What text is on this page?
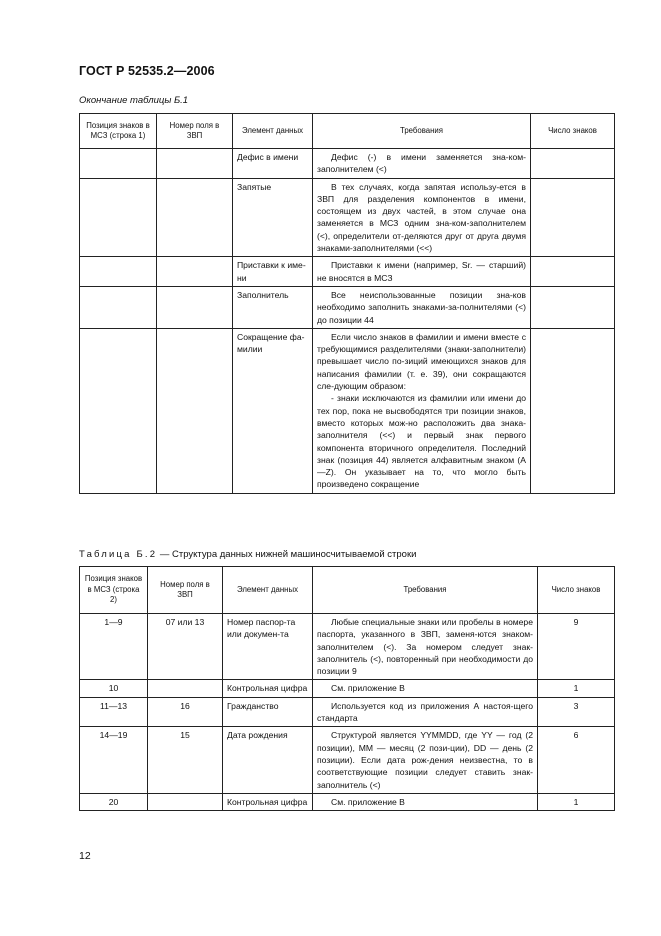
ГОСТ Р 52535.2—2006
Окончание таблицы Б.1
Позиция знаков в МСЗ (строка 1)	Номер поля в ЗВП	Элемент данных	Требования	Число знаков
		Дефис в имени	Дефис (-) в имени заменяется зна-ком-заполнителем (<)	

		Запятые	В тех случаях, когда запятая использу-ется в ЗВП для разделения компонентов в имени, состоящем из двух частей, в этом случае она заменяется в МСЗ одним зна-ком-заполнителем (<), определители от-деляются друг от друга двумя знаками-заполнителями (<<)	

		Приставки к име-ни	Приставки к имени (например, Sr. — старший) не вносятся в МСЗ	

		Заполнитель	Все неиспользованные позиции зна-ков необходимо заполнить знаками-за-полнителями (<) до позиции 44	

		Сокращение фа-милии	Если число знаков в фамилии и имени вместе с требующимися разделителями (знаки-заполнители) превышает число по-зиций имеющихся знаков для написания фамилии (т. е. 39), они сокращаются сле-дующим образом:
- знаки исключаются из фамилии или имени до тех пор, пока не высвободятся три позиции знаков, вместо которых мож-но расположить два знака-заполнителя (<<) и первый знак первого компонента вторичного определителя. Последний знак (позиция 44) является алфавитным знаком (A—Z). Он указывает на то, что могло быть произведено сокращение	

Таблица Б.2 — Структура данных нижней машиносчитываемой строки
Позиция знаков в МСЗ (строка 2)	Номер поля в ЗВП	Элемент данных	Требования	Число знаков
1—9	07 или 13	Номер паспор-та или докумен-та	Любые специальные знаки или пробелы в номере паспорта, указанного в ЗВП, заменя-ются знаком-заполнителем (<). За номером следует знак-заполнитель (<), повторенный при необходимости до позиции 9	9
10		Контрольная цифра	См. приложение В	1
11—13	16	Гражданство	Используется код из приложения А настоя-щего стандарта	3
14—19	15	Дата рождения	Структурой является YYMMDD, где YY — год (2 позиции), MM — месяц (2 пози-ции), DD — день (2 позиции). Если дата рож-дения неизвестна, то в соответствующие позиции следует ставить знак-заполнитель (<)	6
20		Контрольная цифра	См. приложение В	1
12
